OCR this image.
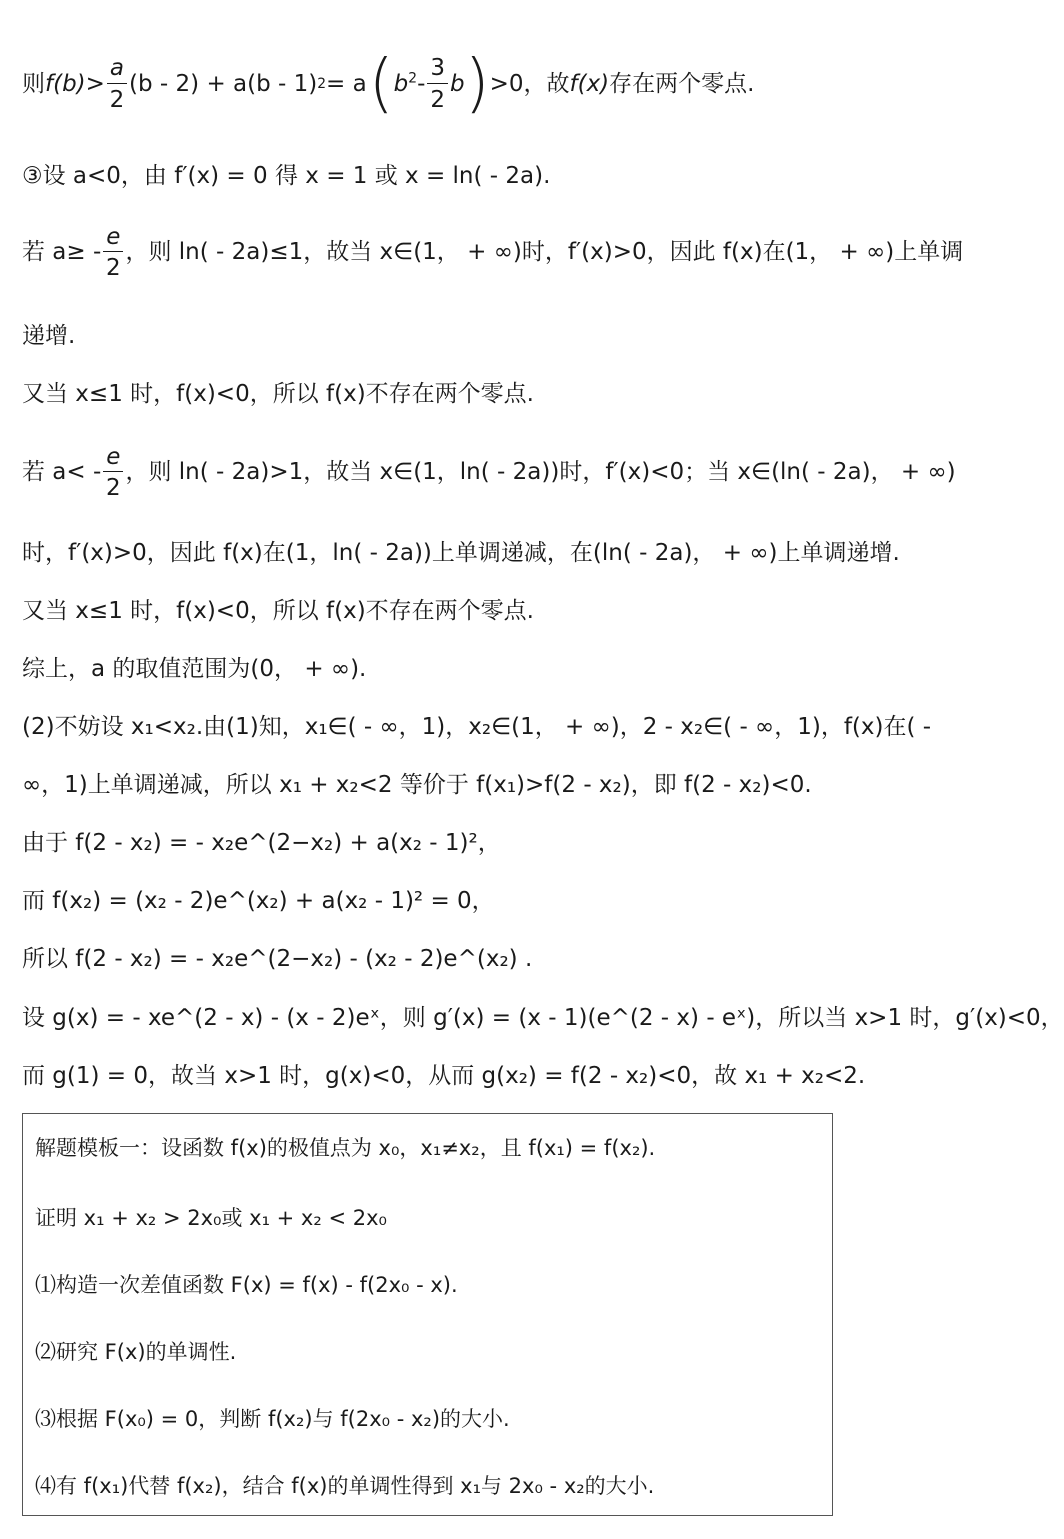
则 $f(b)> \frac{a}{2} (b - 2) + a(b - 1) 2 = a$ ( $b^2 - \frac{3}{2}$ b ) >0，故 f(x) 存在两个零点.
③设 a<0，由 f′(x) = 0 得 x = 1 或 x = ln( - 2a).
若 $a\ge - \frac{e}{2}$ ，则 ln( - 2a)≤1，故当 x∈(1， + ∞)时，f′(x)>0，因此 f(x)在(1， + ∞)上单调
递增.
又当 x≤1 时，f(x)<0，所以 f(x)不存在两个零点.
若 $a< - \frac{e}{2}$ ，则 ln( - 2a)>1，故当 x∈(1，ln( - 2a))时，f′(x)<0；当 x∈(ln( - 2a)， + ∞)
时，f′(x)>0，因此 f(x)在(1，ln( - 2a))上单调递减，在(ln( - 2a)， + ∞)上单调递增.
又当 x≤1 时，f(x)<0，所以 f(x)不存在两个零点.
综上，a 的取值范围为(0， + ∞).
(2)不妨设 x₁<x₂.由(1)知，x₁∈( - ∞，1)，x₂∈(1， + ∞)，2 - x₂∈( - ∞，1)，f(x)在( -
∞，1)上单调递减，所以 x₁ + x₂<2 等价于 f(x₁)>f(2 - x₂)，即 f(2 - x₂)<0.
由于 f(2 - x₂) = - x₂e^(2−x₂) + a(x₂ - 1)²，
而 f(x₂) = (x₂ - 2)e^(x₂) + a(x₂ - 1)² = 0，
所以 f(2 - x₂) = - x₂e^(2−x₂) - (x₂ - 2)e^(x₂) .
设 g(x) = - xe^(2 - x) - (x - 2)eˣ，则 g′(x) = (x - 1)(e^(2 - x) - eˣ)，所以当 x>1 时，g′(x)<0，
而 g(1) = 0，故当 x>1 时，g(x)<0，从而 g(x₂) = f(2 - x₂)<0，故 x₁ + x₂<2.
解题模板一：设函数 f(x)的极值点为 x₀，x₁≠x₂，且 f(x₁) = f(x₂).
证明 x₁ + x₂ > 2x₀或 x₁ + x₂ < 2x₀
⑴构造一次差值函数 F(x) = f(x) - f(2x₀ - x).
⑵研究 F(x)的单调性.
⑶根据 F(x₀) = 0，判断 f(x₂)与 f(2x₀ - x₂)的大小.
⑷有 f(x₁)代替 f(x₂)，结合 f(x)的单调性得到 x₁与 2x₀ - x₂的大小.
